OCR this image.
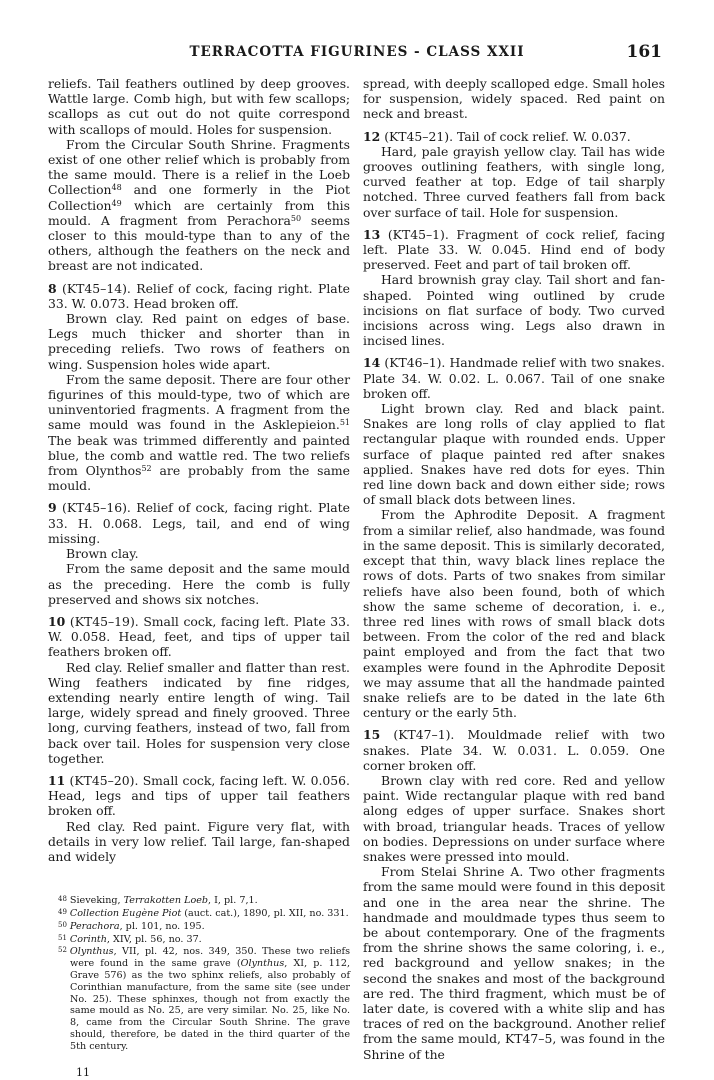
TERRACOTTA FIGURINES - CLASS XXII	161

reliefs. Tail feathers outlined by deep grooves. Wattle large. Comb high, but with few scallops; scallops as cut out do not quite correspond with scallops of mould. Holes for suspension.

From the Circular South Shrine. Fragments exist of one other relief which is probably from the same mould. There is a relief in the Loeb Collection$^{48}$ and one formerly in the Piot Collection$^{49}$ which are certainly from this mould. A fragment from Perachora$^{50}$ seems closer to this mould-type than to any of the others, although the feathers on the neck and breast are not indicated.

8 (KT45–14). Relief of cock, facing right. Plate 33. W. 0.073. Head broken off.

Brown clay. Red paint on edges of base. Legs much thicker and shorter than in preceding reliefs. Two rows of feathers on wing. Suspension holes wide apart.

From the same deposit. There are four other figurines of this mould-type, two of which are uninventoried fragments. A fragment from the same mould was found in the Asklepieion.$^{51}$ The beak was trimmed differently and painted blue, the comb and wattle red. The two reliefs from Olynthos$^{52}$ are probably from the same mould.

9 (KT45–16). Relief of cock, facing right. Plate 33. H. 0.068. Legs, tail, and end of wing missing.

Brown clay.

From the same deposit and the same mould as the preceding. Here the comb is fully preserved and shows six notches.

10 (KT45–19). Small cock, facing left. Plate 33. W. 0.058. Head, feet, and tips of upper tail feathers broken off.

Red clay. Relief smaller and flatter than rest. Wing feathers indicated by fine ridges, extending nearly entire length of wing. Tail large, widely spread and finely grooved. Three long, curving feathers, instead of two, fall from back over tail. Holes for suspension very close together.

11 (KT45–20). Small cock, facing left. W. 0.056. Head, legs and tips of upper tail feathers broken off.

Red clay. Red paint. Figure very flat, with details in very low relief. Tail large, fan-shaped and widely

$^{48}$ Sieveking, Terrakotten Loeb, I, pl. 7,1.

$^{49}$ Collection Eugène Piot (auct. cat.), 1890, pl. XII, no. 331.

$^{50}$ Perachora, pl. 101, no. 195.

$^{51}$ Corinth, XIV, pl. 56, no. 37.

$^{52}$ Olynthus, VII, pl. 42, nos. 349, 350. These two reliefs were found in the same grave (Olynthus, XI, p. 112, Grave 576) as the two sphinx reliefs, also probably of Corinthian manufacture, from the same site (see under No. 25). These sphinxes, though not from exactly the same mould as No. 25, are very similar. No. 25, like No. 8, came from the Circular South Shrine. The grave should, therefore, be dated in the third quarter of the 5th century.

11

spread, with deeply scalloped edge. Small holes for suspension, widely spaced. Red paint on neck and breast.

12 (KT45–21). Tail of cock relief. W. 0.037.

Hard, pale grayish yellow clay. Tail has wide grooves outlining feathers, with single long, curved feather at top. Edge of tail sharply notched. Three curved feathers fall from back over surface of tail. Hole for suspension.

13 (KT45–1). Fragment of cock relief, facing left. Plate 33. W. 0.045. Hind end of body preserved. Feet and part of tail broken off.

Hard brownish gray clay. Tail short and fan-shaped. Pointed wing outlined by crude incisions on flat surface of body. Two curved incisions across wing. Legs also drawn in incised lines.

14 (KT46–1). Handmade relief with two snakes. Plate 34. W. 0.02. L. 0.067. Tail of one snake broken off.

Light brown clay. Red and black paint. Snakes are long rolls of clay applied to flat rectangular plaque with rounded ends. Upper surface of plaque painted red after snakes applied. Snakes have red dots for eyes. Thin red line down back and down either side; rows of small black dots between lines.

From the Aphrodite Deposit. A fragment from a similar relief, also handmade, was found in the same deposit. This is similarly decorated, except that thin, wavy black lines replace the rows of dots. Parts of two snakes from similar reliefs have also been found, both of which show the same scheme of decoration, i. e., three red lines with rows of small black dots between. From the color of the red and black paint employed and from the fact that two examples were found in the Aphrodite Deposit we may assume that all the handmade painted snake reliefs are to be dated in the late 6th century or the early 5th.

15 (KT47–1). Mouldmade relief with two snakes. Plate 34. W. 0.031. L. 0.059. One corner broken off.

Brown clay with red core. Red and yellow paint. Wide rectangular plaque with red band along edges of upper surface. Snakes short with broad, triangular heads. Traces of yellow on bodies. Depressions on under surface where snakes were pressed into mould.

From Stelai Shrine A. Two other fragments from the same mould were found in this deposit and one in the area near the shrine. The handmade and mouldmade types thus seem to be about contemporary. One of the fragments from the shrine shows the same coloring, i. e., red background and yellow snakes; in the second the snakes and most of the background are red. The third fragment, which must be of later date, is covered with a white slip and has traces of red on the background. Another relief from the same mould, KT47–5, was found in the Shrine of the
